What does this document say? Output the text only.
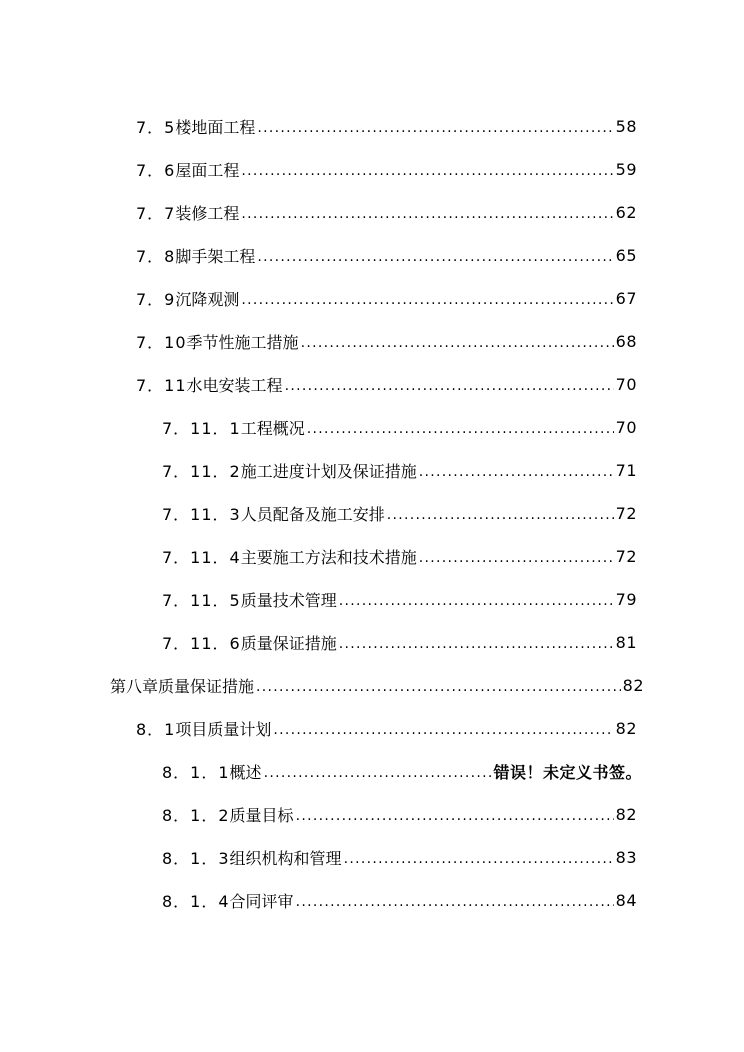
7．5 楼地面工程 .....	58
7．6 屋面工程 .....	59
7．7 装修工程 .....	62
7．8 脚手架工程 .....	65
7．9 沉降观测 .....	67
7．10 季节性施工措施 .....	68
7．11 水电安装工程 .....	70
7．11．1 工程概况 .....	70
7．11．2 施工进度计划及保证措施 .....	71
7．11．3 人员配备及施工安排 .....	72
7．11．4 主要施工方法和技术措施 .....	72
7．11．5 质量技术管理 .....	79
7．11．6 质量保证措施 .....	81
第八章 质量保证措施 .....	82
8．1 项目质量计划 .....	82
8．1．1 概述 .....	错误！未定义书签。
8．1．2 质量目标 .....	82
8．1．3 组织机构和管理 .....	83
8．1．4 合同评审 .....	84
